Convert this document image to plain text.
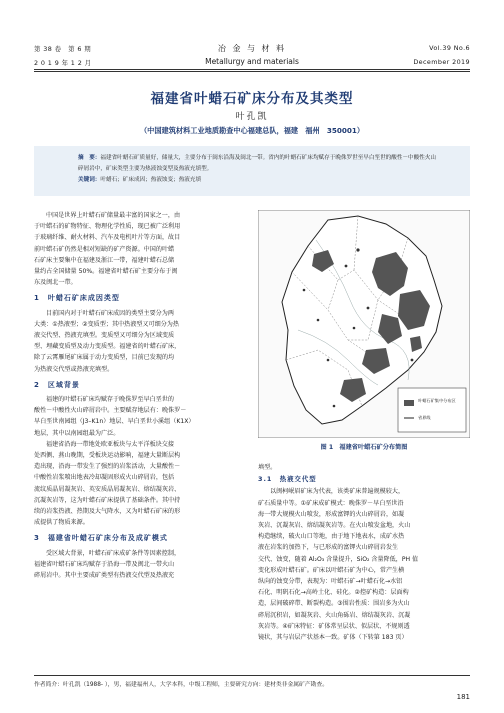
第 38 卷　第 6 期
2 0 1 9 年 1 2 月
冶 金 与 材 料
Metallurgy and materials
Vol.39 No.6
December 2019
福建省叶蜡石矿床分布及其类型
叶孔凯
（中国建筑材料工业地质勘查中心福建总队，福建　福州　350001）
摘　要：福建省叶蜡石矿质量好，储量大，主要分布于闽东沿海及闽北一带。省内的叶蜡石矿床均赋存于晚侏罗世至早白垩世的酸性－中酸性火山碎屑岩中，矿床类型主要为热液蚀变型及热液充填型。
关键词：叶蜡石；矿床成因；热液蚀变；热液充填
中国是世界上叶蜡石矿储量最丰富的国家之一，由
于叶蜡石的矿物特征、物理化学性质，现已被广泛利用
于玻璃纤维、耐火材料、汽车及电机叶片等方面，故目
前叶蜡石矿仍然是相对短缺的矿产资源。中国的叶蜡
石矿床主要集中在福建及浙江一带，福建叶蜡石总储
量约占全国储量 50%。福建省叶蜡石矿主要分布于闽
东及闽北一带。
1　叶蜡石矿床成因类型
目前国内对于叶蜡石矿床成因的类型主要分为两
大类：①热液型；②变质型；其中热液型又可细分为热
液交代型、热液充填型。变质型又可细分为区域变质
型、埋藏变质型及动力变质型。福建省的叶蜡石矿床，
除了云霄雁尾矿床属于动力变质型，目前已发现的均
为热液交代型或热液充填型。
2　区域背景
福建的叶蜡石矿床均赋存于晚侏罗至早白垩世的
酸性－中酸性火山碎屑岩中。主要赋存地层有：晚侏罗－
早白垩世南园组（J3–K1n）地层、早白垩世小溪组（K1X）
地层，其中以南园组最为广泛。
福建省沿海一带地处欧亚板块与太平洋板块交接
处西侧、燕山晚期，受板块运动影响，福建大量断层构
造出现，沿海一带发生了强烈的岩浆活动，大量酸性－
中酸性岩浆喷出地表冷却凝固形成火山碎屑岩，包括
流纹质晶屑凝灰岩、英安质晶屑凝灰岩、熔结凝灰岩、
沉凝灰岩等，这为叶蜡石矿床提供了基础条件。其中持
续的岩浆热液、热期及大气降水，又为叶蜡石矿床的形
成提供了物质来源。
3　福建省叶蜡石矿床分布及成矿模式
受区域大背景，叶蜡石矿床成矿条件等因素控制，
福建省叶蜡石矿床均赋存于沿海一带及闽北一带火山
碎屑岩中。其中主要成矿类型有热液交代型及热液充
叶蜡石矿集中分布区
省界线
图 1　福建省叶蜡石矿分布简图
填型。
3.1　热液交代型
以闽柯岷眉矿床为代表，该类矿床普遍规模较大，
矿石质量中等。①矿床成矿模式：晚侏罗－早白垩世沿
海一带大规模火山喷发，形成富钾的火山碎屑岩，如凝
灰岩、沉凝灰岩、熔结凝灰岩等。在火山喷发盆地，火山
构造继续，破火山口等地，由于地下地表水，成矿水热
液在岩浆的加热下，与已形成的富钾火山碎屑岩发生
交代、蚀变，随着 Al₂O₃ 含量提升，SiO₂ 含量降低，PH 值
变化形成叶蜡石矿。矿床以叶蜡石矿为中心，常产生横
纵向的蚀变分带，表现为：叶蜡石矿→叶蜡石化→水铝
石化、明矾石化→高岭土化、硅化。②控矿构造：层面构
造，层间破碎带、断裂构造。③围岩性质：围岩多为火山
碎屑沉积岩，如凝灰岩、火山角砾岩、熔结凝灰岩、沉凝
灰岩等。④矿床特征：矿体常呈层状、似层状、不规则透
镜状，其与岩层产状基本一致。矿体（下转第 183 页）
作者简介：叶孔凯（1988- ），男，福建福州人，大学本科，中级工程师，主要研究方向：建材类非金属矿产勘查。
181
